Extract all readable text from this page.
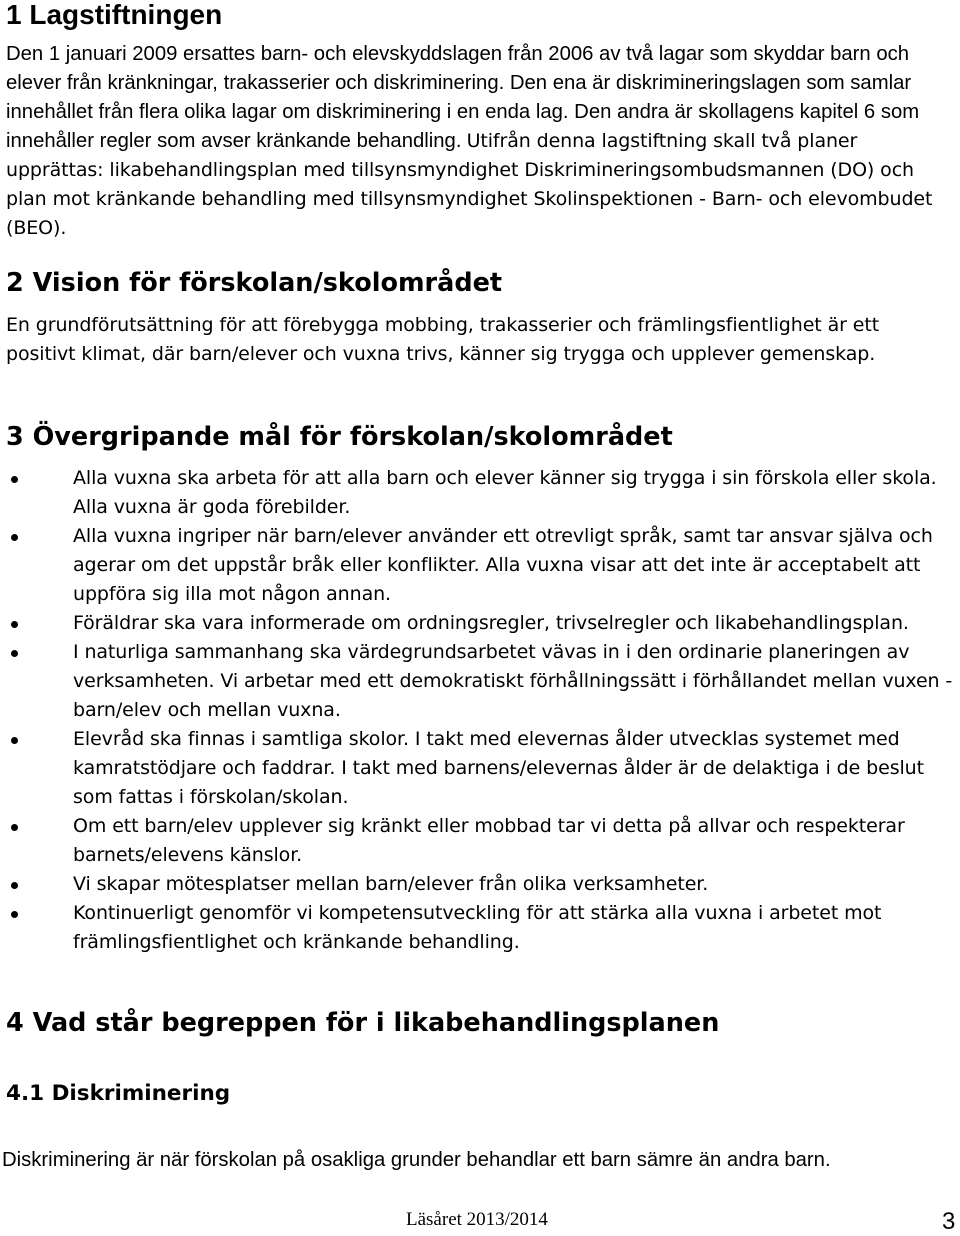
1 Lagstiftningen

Den 1 januari 2009 ersattes barn- och elevskyddslagen från 2006 av två lagar som skyddar barn och elever från kränkningar, trakasserier och diskriminering. Den ena är diskrimineringslagen som samlar innehållet från flera olika lagar om diskriminering i en enda lag. Den andra är skollagens kapitel 6 som innehåller regler som avser kränkande behandling. Utifrån denna lagstiftning skall två planer upprättas: likabehandlingsplan med tillsynsmyndighet Diskrimineringsombudsmannen (DO) och plan mot kränkande behandling med tillsynsmyndighet Skolinspektionen - Barn- och elevombudet (BEO).

2 Vision för förskolan/skolområdet

En grundförutsättning för att förebygga mobbing, trakasserier och främlingsfientlighet är ett positivt klimat, där barn/elever och vuxna trivs, känner sig trygga och upplever gemenskap.

3 Övergripande mål för förskolan/skolområdet
Alla vuxna ska arbeta för att alla barn och elever känner sig trygga i sin förskola eller skola. Alla vuxna är goda förebilder.
Alla vuxna ingriper när barn/elever använder ett otrevligt språk, samt tar ansvar själva och agerar om det uppstår bråk eller konflikter. Alla vuxna visar att det inte är acceptabelt att uppföra sig illa mot någon annan.
Föräldrar ska vara informerade om ordningsregler, trivselregler och likabehandlingsplan.
I naturliga sammanhang ska värdegrundsarbetet vävas in i den ordinarie planeringen av verksamheten. Vi arbetar med ett demokratiskt förhållningssätt i förhållandet mellan vuxen - barn/elev och mellan vuxna.
Elevråd ska finnas i samtliga skolor. I takt med elevernas ålder utvecklas systemet med kamratstödjare och faddrar. I takt med barnens/elevernas ålder är de delaktiga i de beslut som fattas i förskolan/skolan.
Om ett barn/elev upplever sig kränkt eller mobbad tar vi detta på allvar och respekterar barnets/elevens känslor.
Vi skapar mötesplatser mellan barn/elever från olika verksamheter.
Kontinuerligt genomför vi kompetensutveckling för att stärka alla vuxna i arbetet mot främlingsfientlighet och kränkande behandling.
4 Vad står begreppen för i likabehandlingsplanen
4.1 Diskriminering

Diskriminering är när förskolan på osakliga grunder behandlar ett barn sämre än andra barn.

Läsåret 2013/2014	3
